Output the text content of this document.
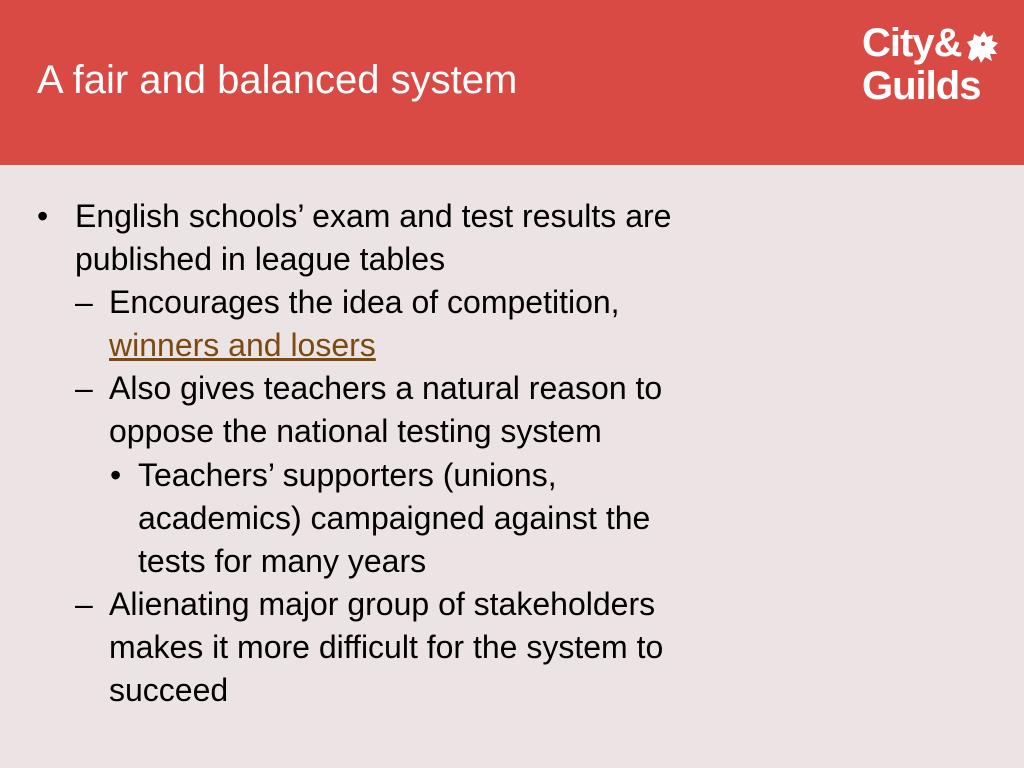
A fair and balanced system
City&
Guilds
• English schools’ exam and test results are
published in league tables
– Encourages the idea of competition,
winners and losers
– Also gives teachers a natural reason to
oppose the national testing system
• Teachers’ supporters (unions,
academics) campaigned against the
tests for many years
– Alienating major group of stakeholders
makes it more difficult for the system to
succeed
